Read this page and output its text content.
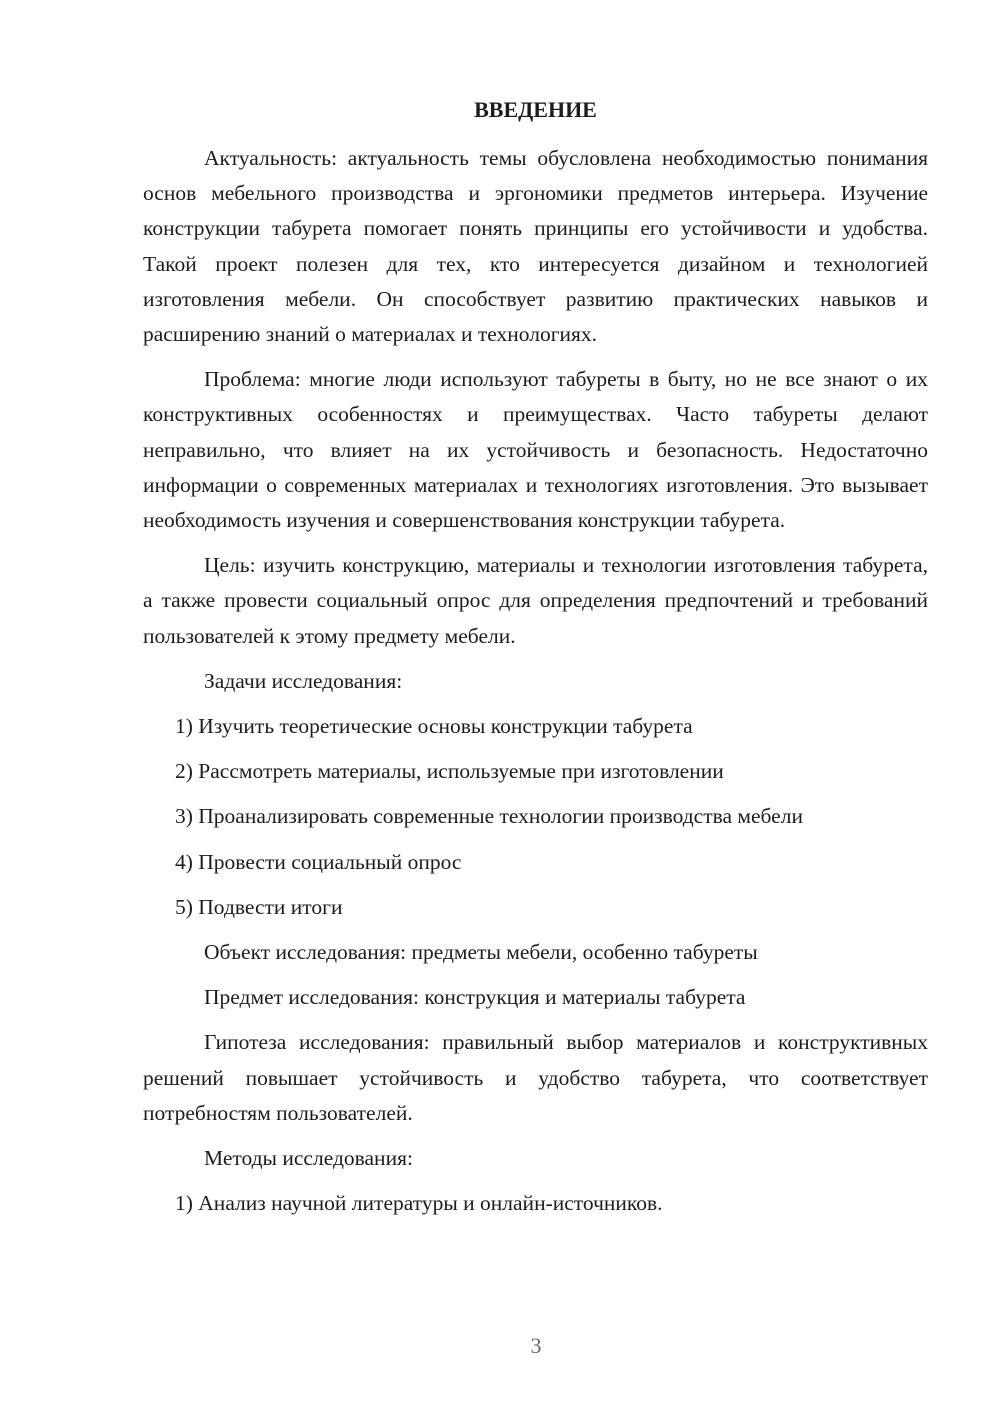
ВВЕДЕНИЕ

Актуальность: актуальность темы обусловлена необходимостью понимания основ мебельного производства и эргономики предметов интерьера. Изучение конструкции табурета помогает понять принципы его устойчивости и удобства. Такой проект полезен для тех, кто интересуется дизайном и технологией изготовления мебели. Он способствует развитию практических навыков и расширению знаний о материалах и технологиях.

Проблема: многие люди используют табуреты в быту, но не все знают о их конструктивных особенностях и преимуществах. Часто табуреты делают неправильно, что влияет на их устойчивость и безопасность. Недостаточно информации о современных материалах и технологиях изготовления. Это вызывает необходимость изучения и совершенствования конструкции табурета.

Цель: изучить конструкцию, материалы и технологии изготовления табурета, а также провести социальный опрос для определения предпочтений и требований пользователей к этому предмету мебели.

Задачи исследования:

1) Изучить теоретические основы конструкции табурета

2) Рассмотреть материалы, используемые при изготовлении

3) Проанализировать современные технологии производства мебели

4) Провести социальный опрос

5) Подвести итоги

Объект исследования: предметы мебели, особенно табуреты

Предмет исследования: конструкция и материалы табурета

Гипотеза исследования: правильный выбор материалов и конструктивных решений повышает устойчивость и удобство табурета, что соответствует потребностям пользователей.

Методы исследования:

1) Анализ научной литературы и онлайн-источников.

3
